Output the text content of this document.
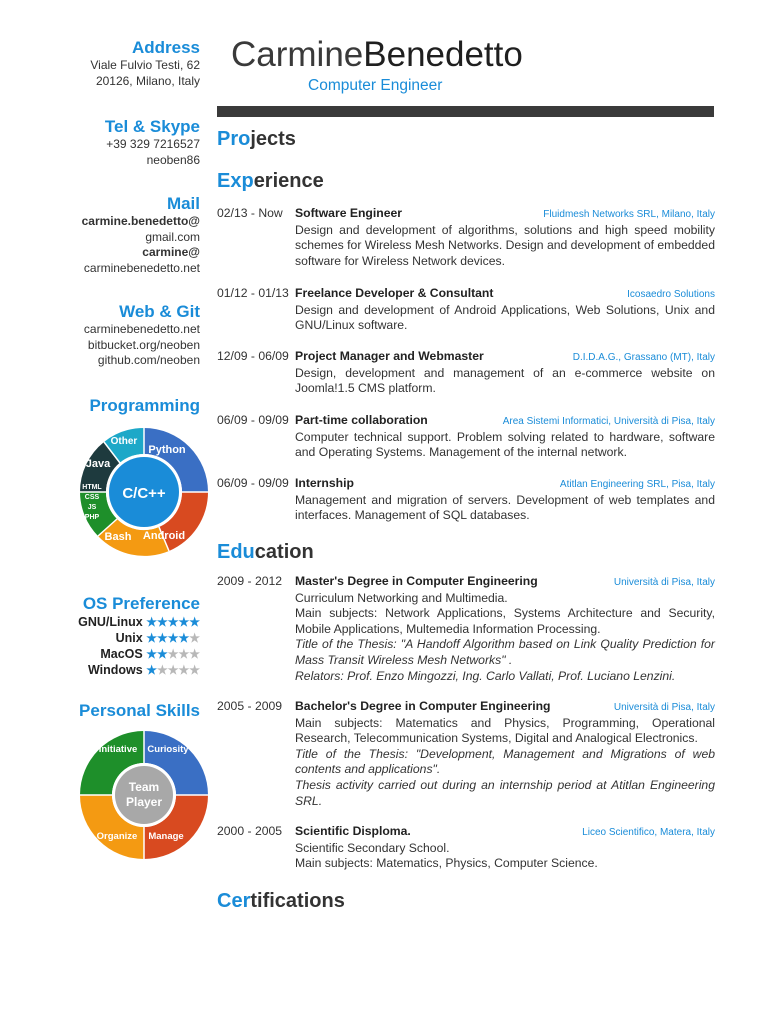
CarmineBenedetto
Computer Engineer
Address
Viale Fulvio Testi, 62
20126, Milano, Italy
Tel & Skype
+39 329 7216527
neoben86
Mail
carmine.benedetto@
gmail.com
carmine@
carminebenedetto.net
Web & Git
carminebenedetto.net
bitbucket.org/neoben
github.com/neoben
Programming
C/C++
Python
Android
Bash
Other
Java
HTML
CSS
JS
PHP
OS Preference
GNU/Linux ★★★★★
Unix ★★★★★
MacOS ★★★★★
Windows ★★★★★
Personal Skills
Team
Player
Initiative Curiosity
Manage
Organize
Projects
Experience
02/13 - Now	Software Engineer	Fluidmesh Networks SRL, Milano, Italy
Design and development of algorithms, solutions and high speed mobility schemes for Wireless Mesh Networks. Design and development of embedded software for Wireless Network devices.
01/12 - 01/13 Freelance Developer & Consultant	Icosaedro Solutions
Design and development of Android Applications, Web Solutions, Unix and GNU/Linux software.
12/09 - 06/09 Project Manager and Webmaster	D.I.D.A.G., Grassano (MT), Italy
Design, development and management of an e-commerce website on Joomla!1.5 CMS platform.
06/09 - 09/09 Part-time collaboration	Area Sistemi Informatici, Università di Pisa, Italy
Computer technical support. Problem solving related to hardware, software and Operating Systems. Management of the internal network.
06/09 - 09/09 Internship	Atitlan Engineering SRL, Pisa, Italy
Management and migration of servers. Development of web templates and interfaces. Management of SQL databases.
Education
2009 - 2012	Master's Degree in Computer Engineering	Università di Pisa, Italy
Curriculum Networking and Multimedia.
Main subjects: Network Applications, Systems Architecture and Security, Mobile Applications, Multemedia Information Processing.
Title of the Thesis: "A Handoff Algorithm based on Link Quality Prediction for Mass Transit Wireless Mesh Networks" .
Relators: Prof. Enzo Mingozzi, Ing. Carlo Vallati, Prof. Luciano Lenzini.
2005 - 2009	Bachelor's Degree in Computer Engineering	Università di Pisa, Italy
Main subjects: Matematics and Physics, Programming, Operational Research, Telecommunication Systems, Digital and Analogical Electronics.
Title of the Thesis: "Development, Management and Migrations of web contents and applications".
Thesis activity carried out during an internship period at Atitlan Engineering SRL.
2000 - 2005	Scientific Disploma.	Liceo Scientifico, Matera, Italy
Scientific Secondary School.
Main subjects: Matematics, Physics, Computer Science.
Certifications
